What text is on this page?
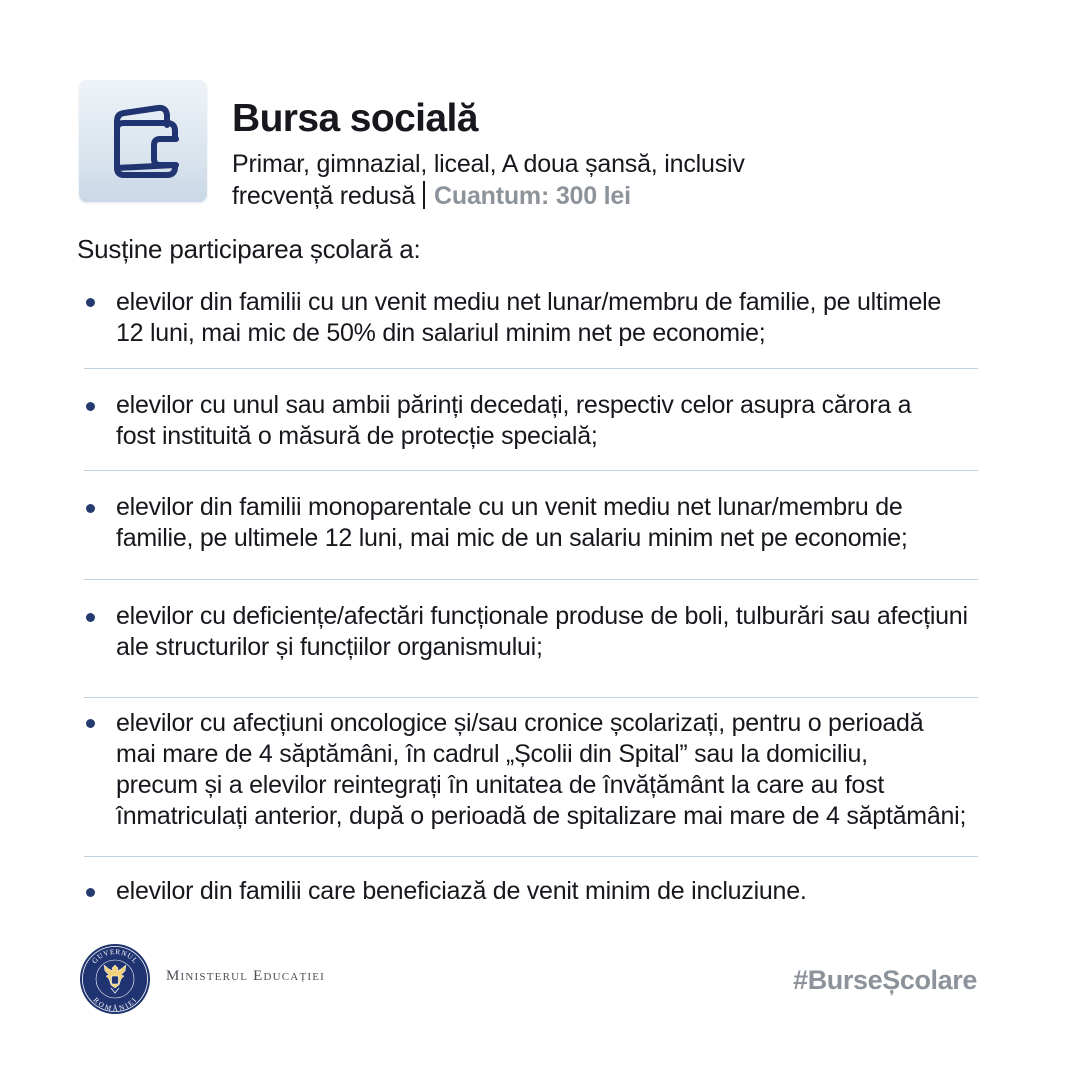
Bursa socială
Primar, gimnazial, liceal, A doua șansă, inclusiv
frecvență redusă Cuantum: 300 lei
Susține participarea școlară a:
elevilor din familii cu un venit mediu net lunar/membru de familie, pe ultimele
12 luni, mai mic de 50% din salariul minim net pe economie;
elevilor cu unul sau ambii părinți decedați, respectiv celor asupra cărora a
fost instituită o măsură de protecție specială;
elevilor din familii monoparentale cu un venit mediu net lunar/membru de
familie, pe ultimele 12 luni, mai mic de un salariu minim net pe economie;
elevilor cu deficiențe/afectări funcționale produse de boli, tulburări sau afecțiuni
ale structurilor și funcțiilor organismului;
elevilor cu afecțiuni oncologice și/sau cronice școlarizați, pentru o perioadă
mai mare de 4 săptămâni, în cadrul „Școlii din Spital” sau la domiciliu,
precum și a elevilor reintegrați în unitatea de învățământ la care au fost
înmatriculați anterior, după o perioadă de spitalizare mai mare de 4 săptămâni;
elevilor din familii care beneficiază de venit minim de incluziune.
GUVERNUL
ROMÂNIEI
Ministerul Educației	#BurseȘcolare
